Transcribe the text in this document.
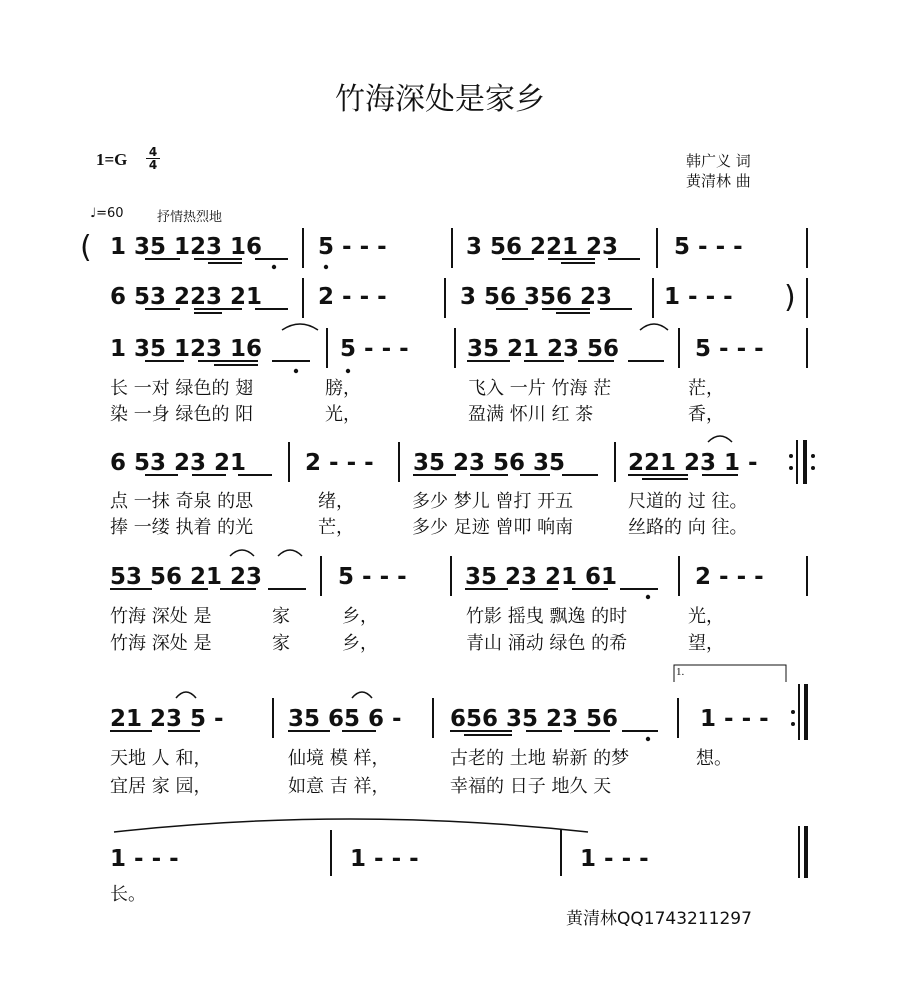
竹海深处是家乡
$1=G \frac{4}{4}$	韩广义 词
黄清林 曲
♩=60	抒情热烈地
( 1 35 123 16 5 - - -	3 56 221 23 5 - - -
6 53 223 21 2 - - -	3 56 356 23 1 - - - )
1 35 123 16	5 - - -	35 21 23 56	5 - - -
长 一对 绿色的 翅	膀，	飞入 一片 竹海 茫	茫，
染 一身 绿色的 阳	光，	盈满 怀川 红 茶	香，
6 53 23 21	2 - - - 35 23 56 35	221 23 1 -
点 一抹 奇泉 的思	绪，	多少 梦儿 曾打 开五	尺道的 过 往。
捧 一缕 执着 的光	芒，	多少 足迹 曾叩 响南	丝路的 向 往。
53 56 21 23	5 - - -	35 23 21 61	2 - - -
竹海 深处 是	家	乡，	竹影 摇曳 飘逸 的时	光，
竹海 深处 是	家	乡，	青山 涌动 绿色 的希	望，
1.
21 23 5 -	35 65 6 - 656 35 23 56	1 - - -
天地 人 和，	仙境 模 样，	古老的 土地 崭新 的梦	想。
宜居 家 园，	如意 吉 祥，	幸福的 日子 地久 天
1 - - -	1 - - -	1 - - -
长。
黄清林QQ1743211297
